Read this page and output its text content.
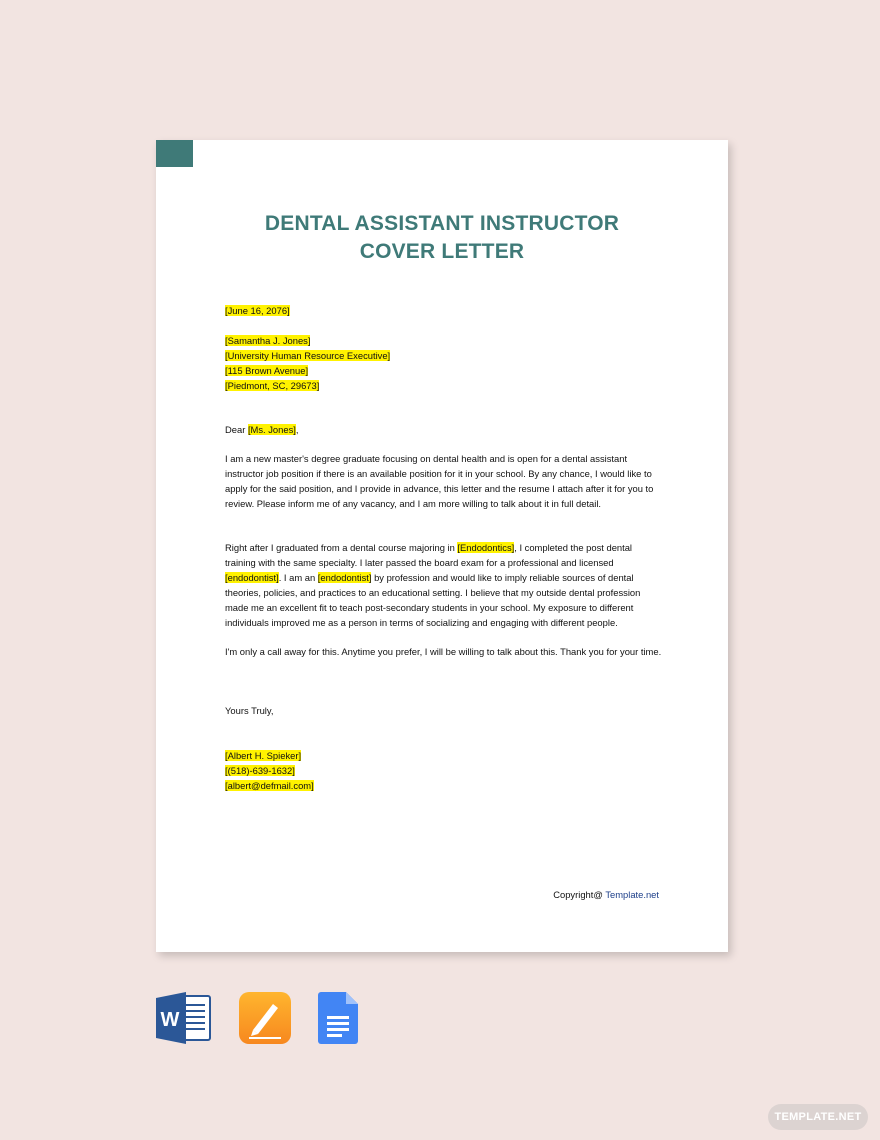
DENTAL ASSISTANT INSTRUCTOR
COVER LETTER
[June 16, 2076]
[Samantha J. Jones]
[University Human Resource Executive]
[115 Brown Avenue]
[Piedmont, SC, 29673]
Dear [Ms. Jones],

I am a new master's degree graduate focusing on dental health and is open for a dental assistant instructor job position if there is an available position for it in your school. By any chance, I would like to apply for the said position, and I provide in advance, this letter and the resume I attach after it for you to review. Please inform me of any vacancy, and I am more willing to talk about it in full detail.

Right after I graduated from a dental course majoring in [Endodontics], I completed the post dental training with the same specialty. I later passed the board exam for a professional and licensed [endodontist]. I am an [endodontist] by profession and would like to imply reliable sources of dental theories, policies, and practices to an educational setting. I believe that my outside dental profession made me an excellent fit to teach post-secondary students in your school. My exposure to different individuals improved me as a person in terms of socializing and engaging with different people.

I'm only a call away for this. Anytime you prefer, I will be willing to talk about this. Thank you for your time.

Yours Truly,
[Albert H. Spieker]
[(518)-639-1632]
[albert@defmail.com]
Copyright@ Template.net
W
TEMPLATE.NET
